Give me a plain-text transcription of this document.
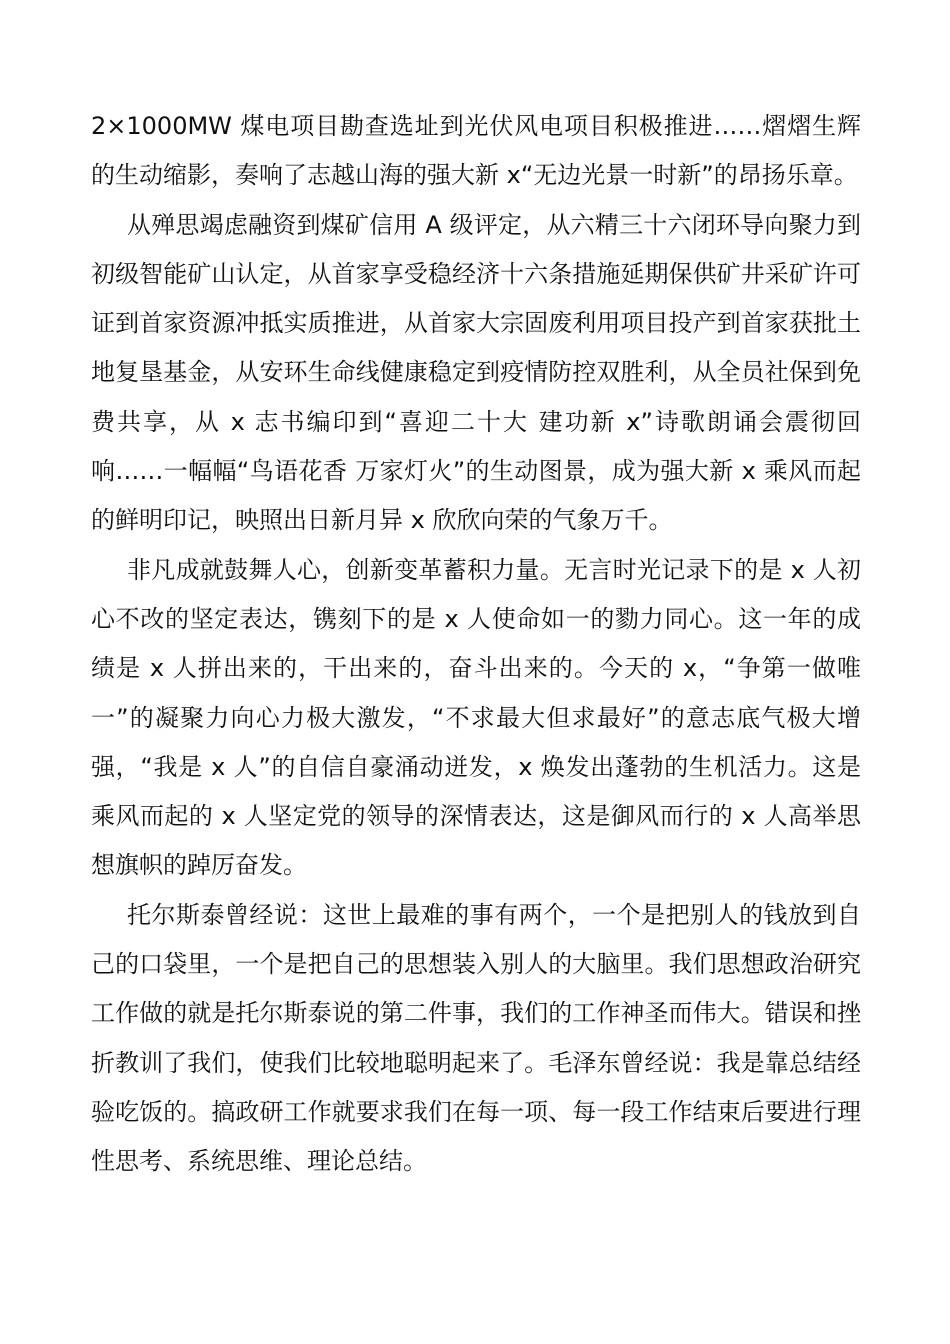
2×1000MW 煤电项目勘查选址到光伏风电项目积极推进……熠熠生辉的生动缩影，奏响了志越山海的强大新 x“无边光景一时新”的昂扬乐章。

从殚思竭虑融资到煤矿信用 A 级评定，从六精三十六闭环导向聚力到初级智能矿山认定，从首家享受稳经济十六条措施延期保供矿井采矿许可证到首家资源冲抵实质推进，从首家大宗固废利用项目投产到首家获批土地复垦基金，从安环生命线健康稳定到疫情防控双胜利，从全员社保到免费共享，从 x 志书编印到“喜迎二十大 建功新 x”诗歌朗诵会震彻回响……一幅幅“鸟语花香 万家灯火”的生动图景，成为强大新 x 乘风而起的鲜明印记，映照出日新月异 x 欣欣向荣的气象万千。

非凡成就鼓舞人心，创新变革蓄积力量。无言时光记录下的是 x 人初心不改的坚定表达，镌刻下的是 x 人使命如一的勠力同心。这一年的成绩是 x 人拼出来的，干出来的，奋斗出来的。今天的 x，“争第一做唯一”的凝聚力向心力极大激发，“不求最大但求最好”的意志底气极大增强，“我是 x 人”的自信自豪涌动迸发，x 焕发出蓬勃的生机活力。这是乘风而起的 x 人坚定党的领导的深情表达，这是御风而行的 x 人高举思想旗帜的踔厉奋发。

托尔斯泰曾经说：这世上最难的事有两个，一个是把别人的钱放到自己的口袋里，一个是把自己的思想装入别人的大脑里。我们思想政治研究工作做的就是托尔斯泰说的第二件事，我们的工作神圣而伟大。错误和挫折教训了我们，使我们比较地聪明起来了。毛泽东曾经说：我是靠总结经验吃饭的。搞政研工作就要求我们在每一项、每一段工作结束后要进行理性思考、系统思维、理论总结。
